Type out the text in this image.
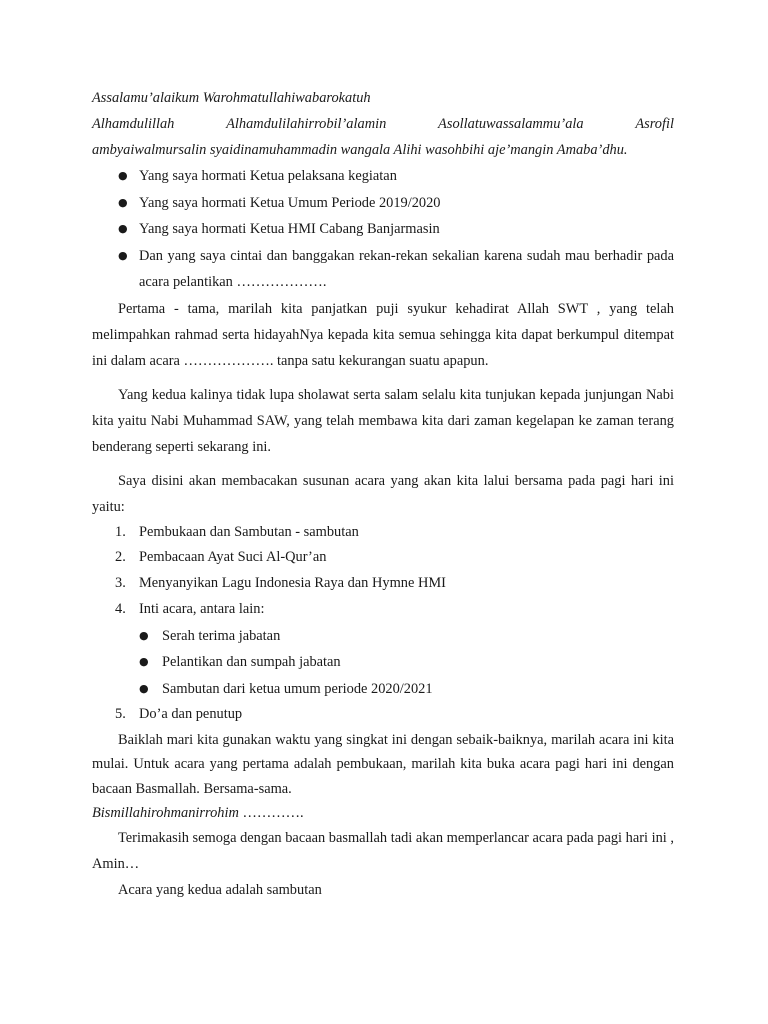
Assalamu’alaikum Warohmatullahiwabarokatuh

Alhamdulillah Alhamdulilahirrobil’alamin Asollatuwassalammu’ala Asrofil

ambyaiwalmursalin syaidinamuhammadin wangala Alihi wasohbihi aje’mangin Amaba’dhu.

● Yang saya hormati Ketua pelaksana kegiatan
● Yang saya hormati Ketua Umum Periode 2019/2020
● Yang saya hormati Ketua HMI Cabang Banjarmasin
● Dan yang saya cintai dan banggakan rekan-rekan sekalian karena sudah mau berhadir pada acara pelantikan ……………….

Pertama - tama, marilah kita panjatkan puji syukur kehadirat Allah SWT , yang telah melimpahkan rahmad serta hidayahNya kepada kita semua sehingga kita dapat berkumpul ditempat ini dalam acara ………………. tanpa satu kekurangan suatu apapun.

Yang kedua kalinya tidak lupa sholawat serta salam selalu kita tunjukan kepada junjungan Nabi kita yaitu Nabi Muhammad SAW, yang telah membawa kita dari zaman kegelapan ke zaman terang benderang seperti sekarang ini.

Saya disini akan membacakan susunan acara yang akan kita lalui bersama pada pagi hari ini yaitu:

1. Pembukaan dan Sambutan - sambutan
2. Pembacaan Ayat Suci Al-Qur’an
3. Menyanyikan Lagu Indonesia Raya dan Hymne HMI
4. Inti acara, antara lain:
● Serah terima jabatan
● Pelantikan dan sumpah jabatan
● Sambutan dari ketua umum periode 2020/2021
5. Do’a dan penutup

Baiklah mari kita gunakan waktu yang singkat ini dengan sebaik-baiknya, marilah acara ini kita mulai. Untuk acara yang pertama adalah pembukaan, marilah kita buka acara pagi hari ini dengan bacaan Basmallah. Bersama-sama.

Bismillahirohmanirrohim ………….

Terimakasih semoga dengan bacaan basmallah tadi akan memperlancar acara pada pagi hari ini , Amin…

Acara yang kedua adalah sambutan
